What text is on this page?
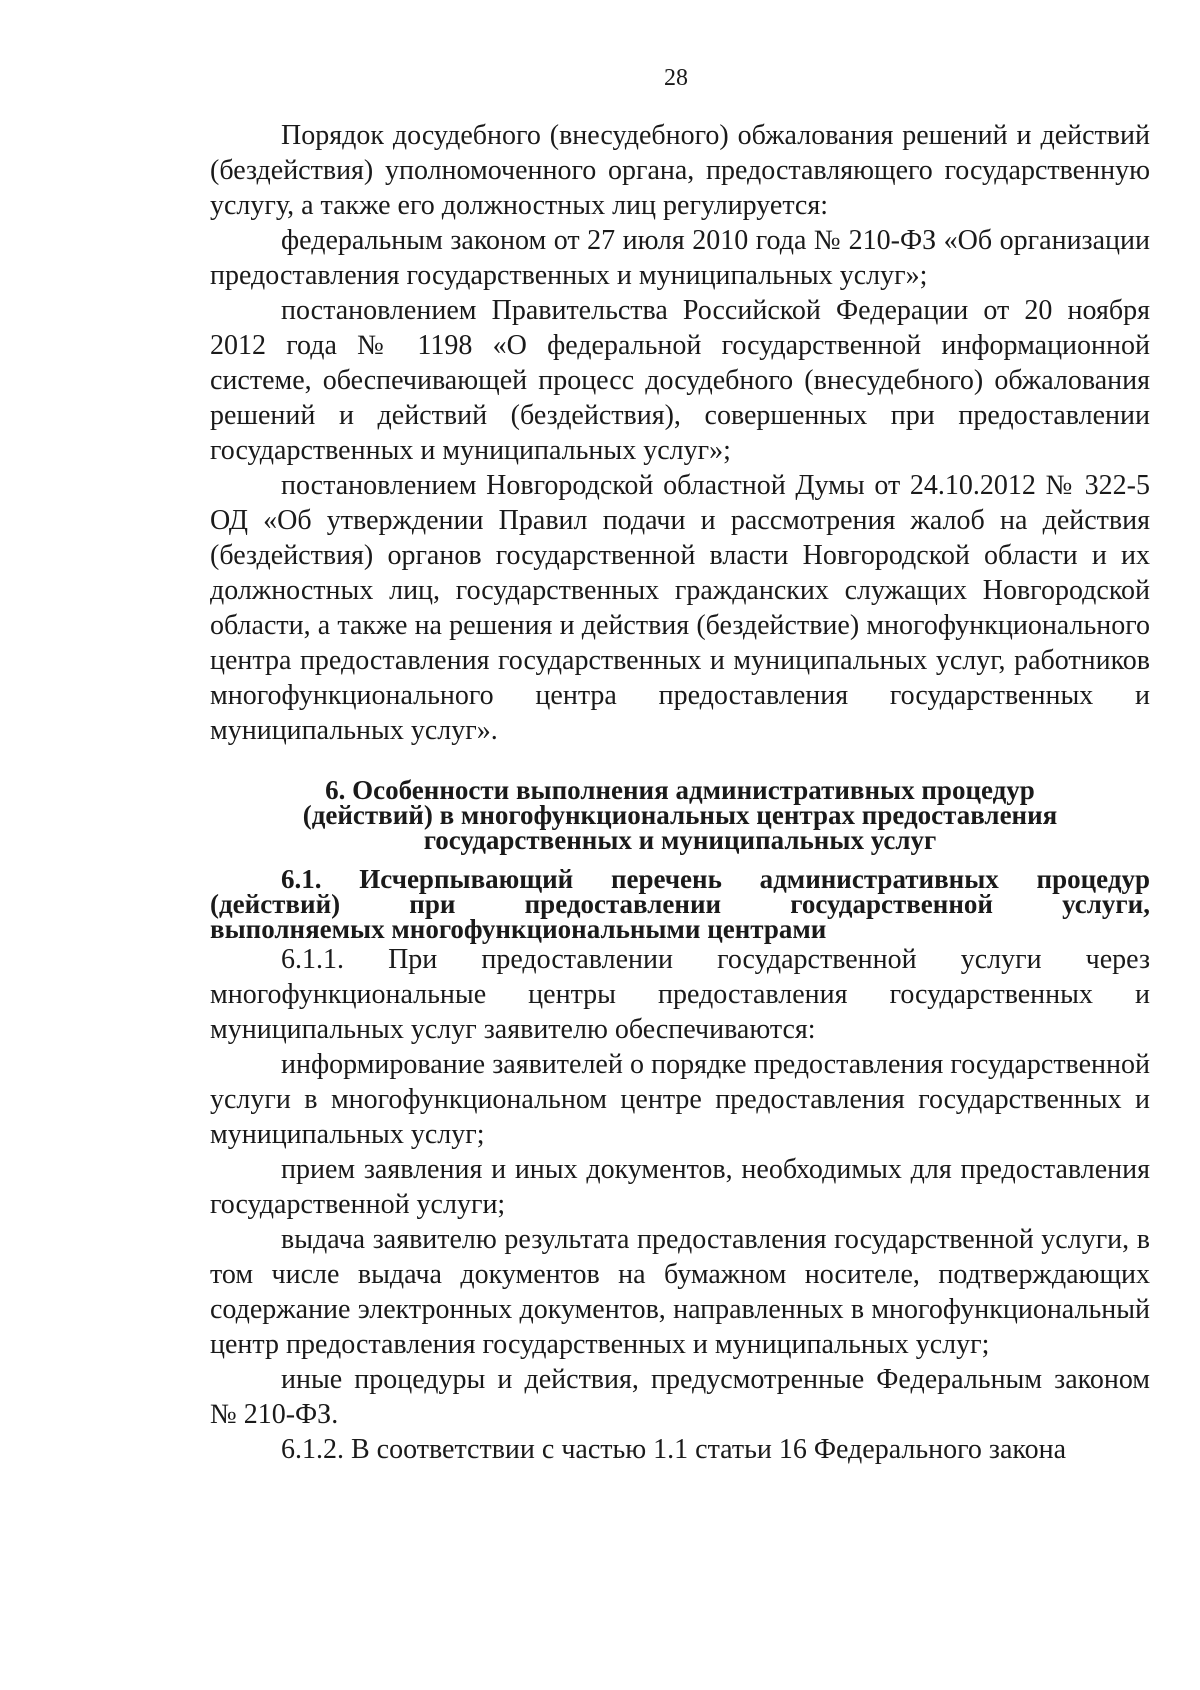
28

Порядок досудебного (внесудебного) обжалования решений и действий (бездействия) уполномоченного органа, предоставляющего государственную услугу, а также его должностных лиц регулируется:

федеральным законом от 27 июля 2010 года № 210-ФЗ «Об организации предоставления государственных и муниципальных услуг»;

постановлением Правительства Российской Федерации от 20 ноября 2012 года № 1198 «О федеральной государственной информационной системе, обеспечивающей процесс досудебного (внесудебного) обжалования решений и действий (бездействия), совершенных при предоставлении государственных и муниципальных услуг»;

постановлением Новгородской областной Думы от 24.10.2012 № 322-5 ОД «Об утверждении Правил подачи и рассмотрения жалоб на действия (бездействия) органов государственной власти Новгородской области и их должностных лиц, государственных гражданских служащих Новгородской области, а также на решения и действия (бездействие) многофункционального центра предоставления государственных и муниципальных услуг, работников многофункционального центра предоставления государственных и муниципальных услуг».

6. Особенности выполнения административных процедур
(действий) в многофункциональных центрах предоставления
государственных и муниципальных услуг
6.1. Исчерпывающий перечень административных процедур
(действий) при предоставлении государственной услуги,
выполняемых многофункциональными центрами

6.1.1. При предоставлении государственной услуги через многофункциональные центры предоставления государственных и муниципальных услуг заявителю обеспечиваются:

информирование заявителей о порядке предоставления государственной услуги в многофункциональном центре предоставления государственных и муниципальных услуг;

прием заявления и иных документов, необходимых для предоставления государственной услуги;

выдача заявителю результата предоставления государственной услуги, в том числе выдача документов на бумажном носителе, подтверждающих содержание электронных документов, направленных в многофункциональный центр предоставления государственных и муниципальных услуг;

иные процедуры и действия, предусмотренные Федеральным законом № 210-ФЗ.

6.1.2. В соответствии с частью 1.1 статьи 16 Федерального закона
